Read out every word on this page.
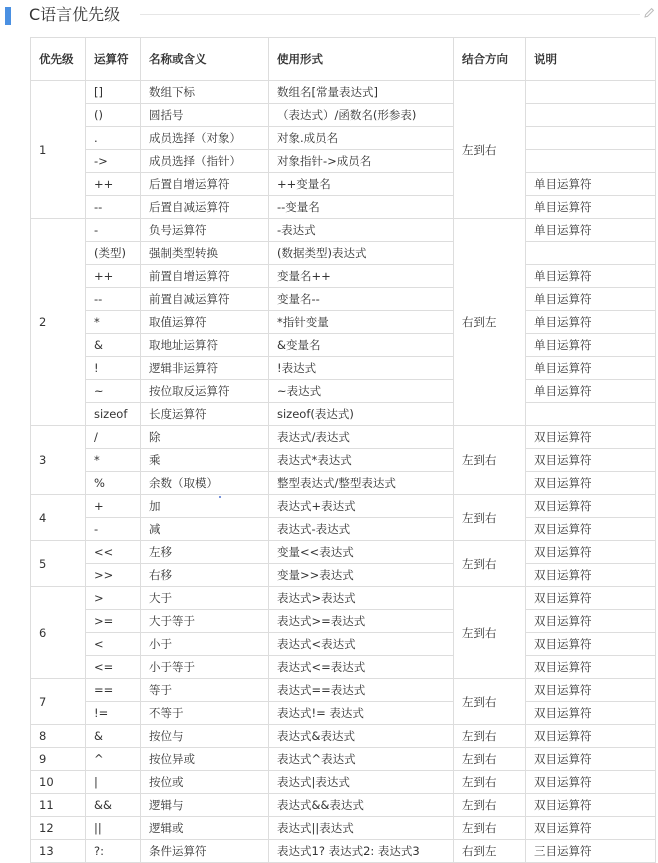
C语言优先级
优先级	运算符	名称或含义	使用形式	结合方向	说明
1	[]	数组下标	数组名[常量表达式]	左到右	
	()	圆括号	（表达式）/函数名(形参表)		
	.	成员选择（对象）	对象.成员名		
	->	成员选择（指针）	对象指针->成员名		
	++	后置自增运算符	++变量名		单目运算符
	--	后置自减运算符	--变量名		单目运算符
2	-	负号运算符	-表达式	右到左	单目运算符
	(类型)	强制类型转换	(数据类型)表达式		
	++	前置自增运算符	变量名++		单目运算符
	--	前置自减运算符	变量名--		单目运算符
	*	取值运算符	*指针变量		单目运算符
	&	取地址运算符	&变量名		单目运算符
	!	逻辑非运算符	!表达式		单目运算符
	~	按位取反运算符	~表达式		单目运算符
	sizeof	长度运算符	sizeof(表达式)		
3	/	除	表达式/表达式	左到右	双目运算符
	*	乘	表达式*表达式		双目运算符
	%	余数（取模）	整型表达式/整型表达式		双目运算符
4	+	加	表达式+表达式	左到右	双目运算符
	-	减	表达式-表达式		双目运算符
5	<<	左移	变量<<表达式	左到右	双目运算符
	>>	右移	变量>>表达式		双目运算符
6	>	大于	表达式>表达式	左到右	双目运算符
	>=	大于等于	表达式>=表达式		双目运算符
	<	小于	表达式<表达式		双目运算符
	<=	小于等于	表达式<=表达式		双目运算符
7	==	等于	表达式==表达式	左到右	双目运算符
	!=	不等于	表达式!= 表达式		双目运算符
8	&	按位与	表达式&表达式	左到右	双目运算符
9	^	按位异或	表达式^表达式	左到右	双目运算符
10	|	按位或	表达式|表达式	左到右	双目运算符
11	&&	逻辑与	表达式&&表达式	左到右	双目运算符
12	||	逻辑或	表达式||表达式	左到右	双目运算符
13	?:	条件运算符	表达式1? 表达式2: 表达式3	右到左	三目运算符
